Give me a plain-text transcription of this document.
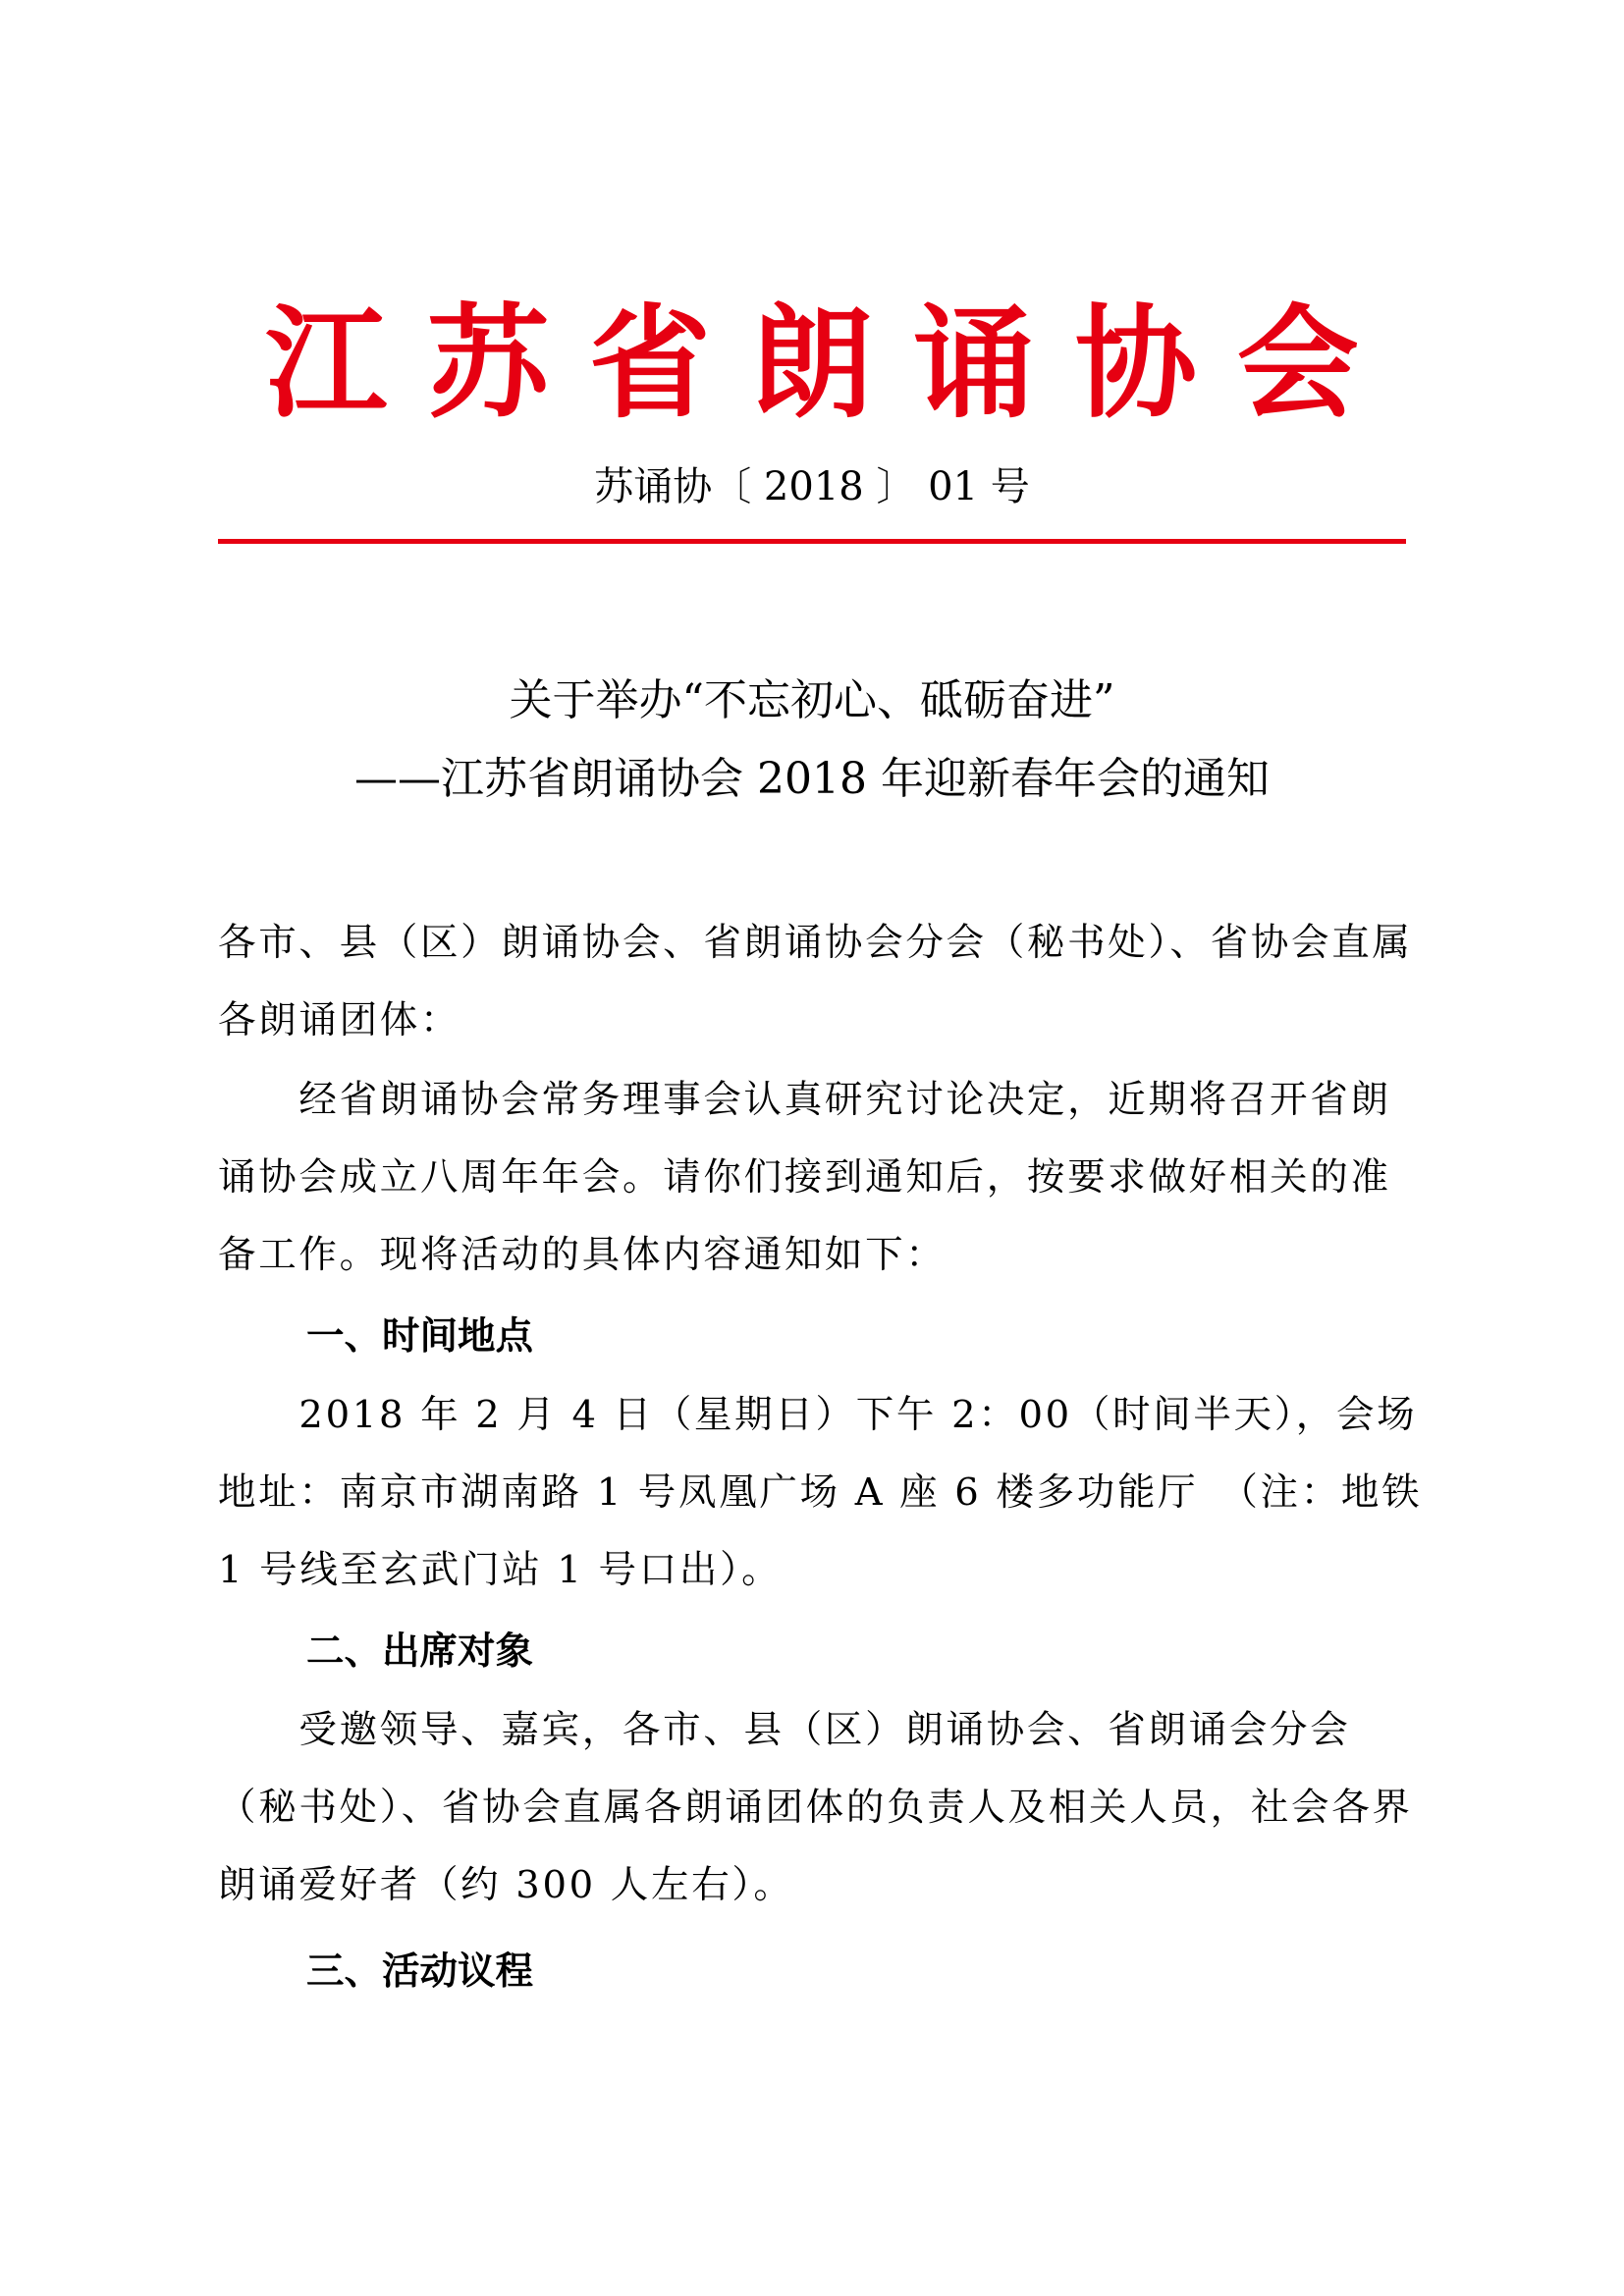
江苏省朗诵协会
苏诵协〔 2018 〕 01 号
关于举办“不忘初心、砥砺奋进”
——江苏省朗诵协会 2018 年迎新春年会的通知
各市、县（区）朗诵协会、省朗诵协会分会（秘书处）、省协会直属各朗诵团体：
经省朗诵协会常务理事会认真研究讨论决定，近期将召开省朗诵协会成立八周年年会。请你们接到通知后，按要求做好相关的准备工作。现将活动的具体内容通知如下：
一、时间地点
2018 年 2 月 4 日（星期日）下午 2：00（时间半天），会场地址：南京市湖南路 1 号凤凰广场 A 座 6 楼多功能厅　（注：地铁 1 号线至玄武门站 1 号口出）。
二、出席对象
受邀领导、嘉宾，各市、县（区）朗诵协会、省朗诵会分会（秘书处）、省协会直属各朗诵团体的负责人及相关人员，社会各界朗诵爱好者（约 300 人左右）。
三、活动议程
